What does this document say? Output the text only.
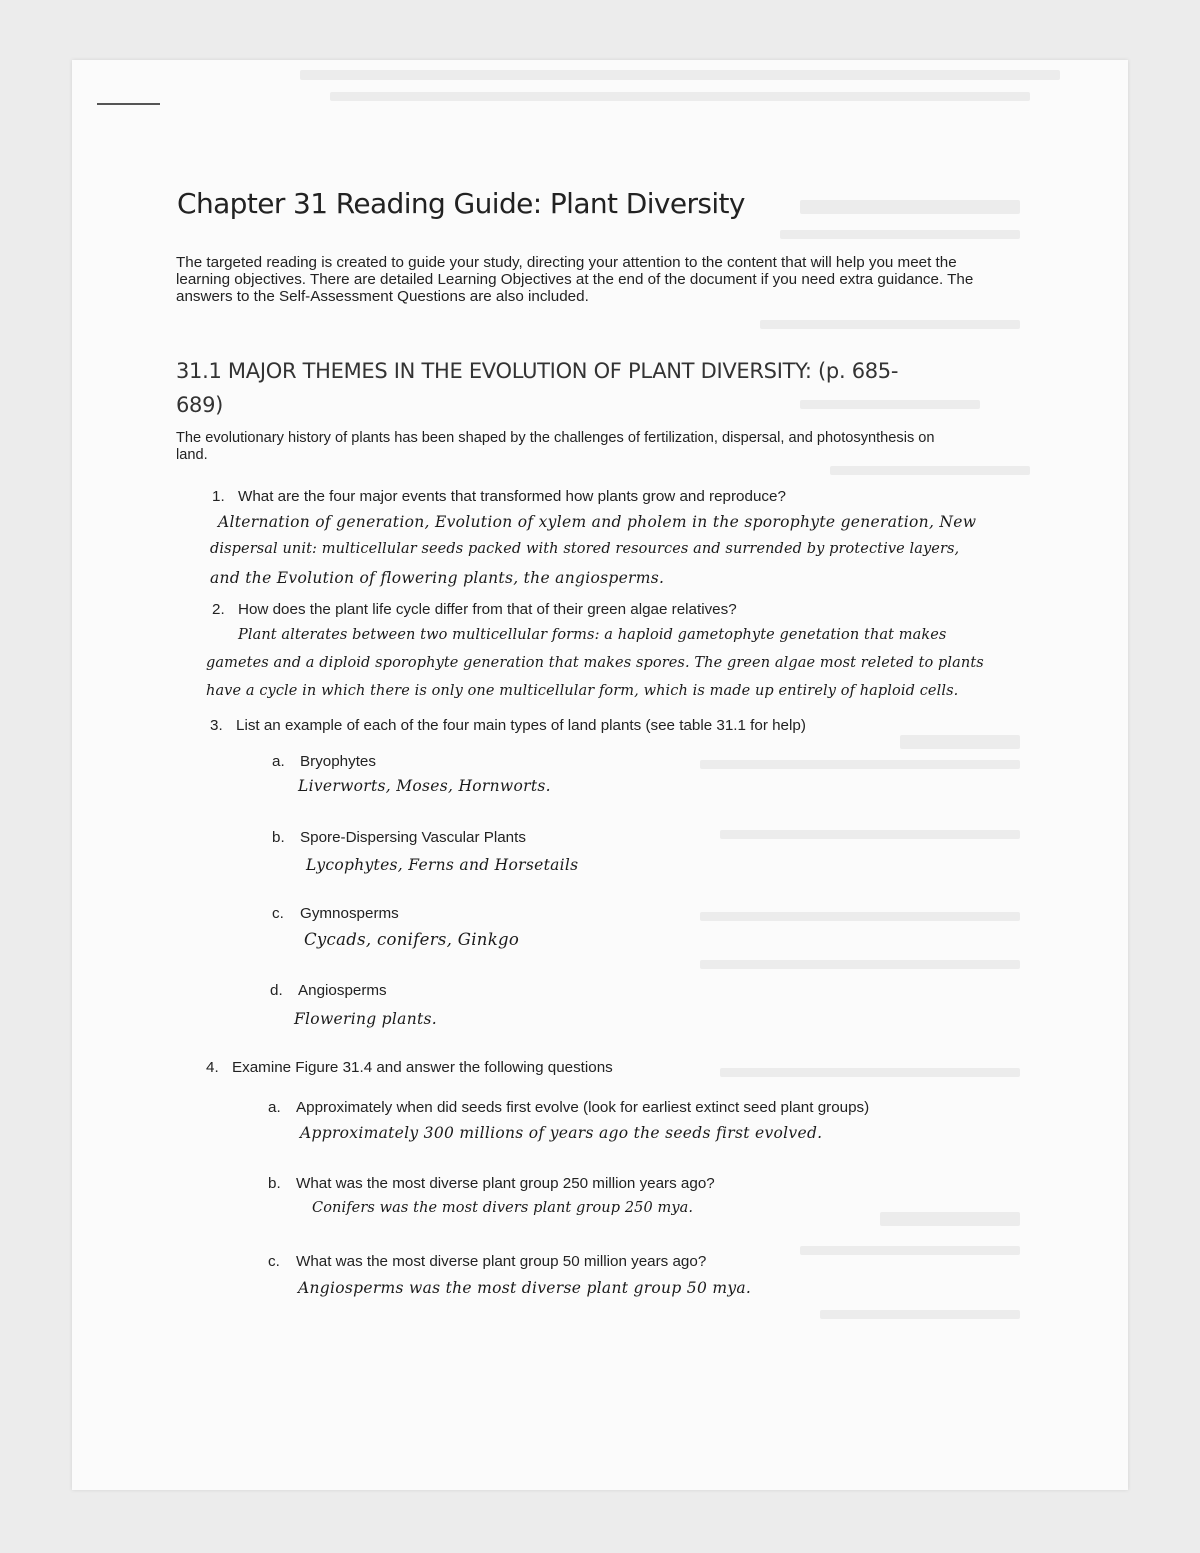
Chapter 31 Reading Guide: Plant Diversity

The targeted reading is created to guide your study, directing your attention to the content that will help you meet the learning objectives. There are detailed Learning Objectives at the end of the document if you need extra guidance. The answers to the Self-Assessment Questions are also included.

31.1 MAJOR THEMES IN THE EVOLUTION OF PLANT DIVERSITY: (p. 685-689)

The evolutionary history of plants has been shaped by the challenges of fertilization, dispersal, and photosynthesis on land.

1. What are the four major events that transformed how plants grow and reproduce?
Alternation of generation, Evolution of xylem and pholem in the sporophyte generation, New
dispersal unit: multicellular seeds packed with stored resources and surrended by protective layers,
and the Evolution of flowering plants, the angiosperms.
2. How does the plant life cycle differ from that of their green algae relatives?
Plant alterates between two multicellular forms: a haploid gametophyte genetation that makes
gametes and a diploid sporophyte generation that makes spores. The green algae most releted to plants
have a cycle in which there is only one multicellular form, which is made up entirely of haploid cells.
3. List an example of each of the four main types of land plants (see table 31.1 for help)
a. Bryophytes
Liverworts, Moses, Hornworts.
b. Spore-Dispersing Vascular Plants
Lycophytes, Ferns and Horsetails
c. Gymnosperms
Cycads, conifers, Ginkgo
d. Angiosperms
Flowering plants.
4. Examine Figure 31.4 and answer the following questions
a. Approximately when did seeds first evolve (look for earliest extinct seed plant groups)
Approximately 300 millions of years ago the seeds first evolved.
b. What was the most diverse plant group 250 million years ago?
Conifers was the most divers plant group 250 mya.
c. What was the most diverse plant group 50 million years ago?
Angiosperms was the most diverse plant group 50 mya.
